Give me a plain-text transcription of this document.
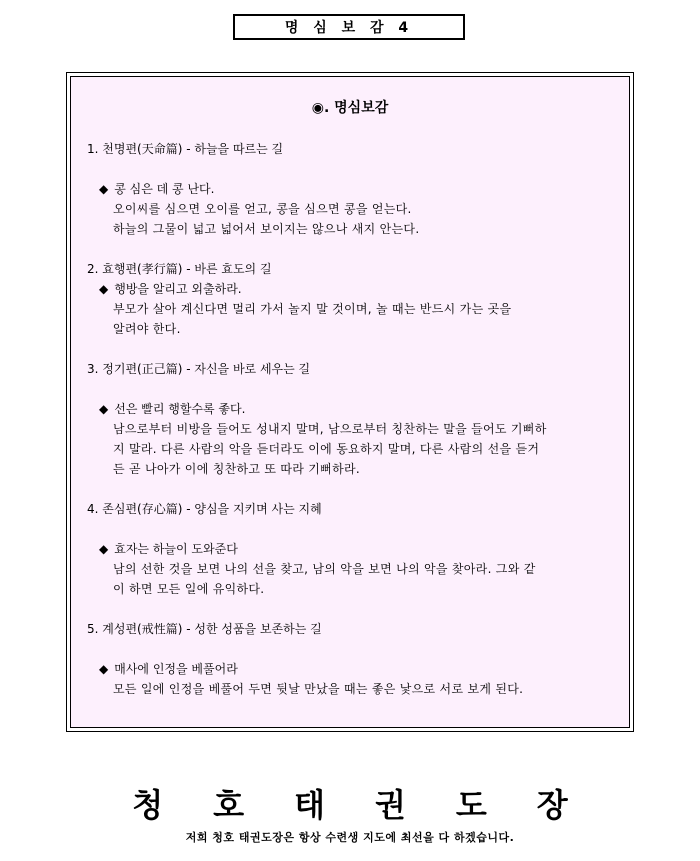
명 심 보 감 4
◉. 명심보감

1. 천명편(天命篇) - 하늘을 따르는 길

◆ 콩 심은 데 콩 난다.

오이씨를 심으면 오이를 얻고, 콩을 심으면 콩을 얻는다.

하늘의 그물이 넓고 넓어서 보이지는 않으나 새지 안는다.

2. 효행편(孝行篇) - 바른 효도의 길

◆ 행방을 알리고 외출하라.

부모가 살아 계신다면 멀리 가서 놀지 말 것이며, 놀 때는 반드시 가는 곳을

알려야 한다.

3. 정기편(正己篇) - 자신을 바로 세우는 길

◆ 선은 빨리 행할수록 좋다.

남으로부터 비방을 들어도 성내지 말며, 남으로부터 칭찬하는 말을 들어도 기뻐하

지 말라. 다른 사람의 악을 듣더라도 이에 동요하지 말며, 다른 사람의 선을 듣거

든 곧 나아가 이에 칭찬하고 또 따라 기뻐하라.

4. 존심편(存心篇) - 양심을 지키며 사는 지혜

◆ 효자는 하늘이 도와준다

남의 선한 것을 보면 나의 선을 찾고, 남의 악을 보면 나의 악을 찾아라. 그와 같

이 하면 모든 일에 유익하다.

5. 계성편(戒性篇) - 성한 성품을 보존하는 길

◆ 매사에 인정을 베풀어라

모든 일에 인정을 베풀어 두면 뒷날 만났을 때는 좋은 낯으로 서로 보게 된다.

청호태권도장
저희 청호 태권도장은 항상 수련생 지도에 최선을 다 하겠습니다.
